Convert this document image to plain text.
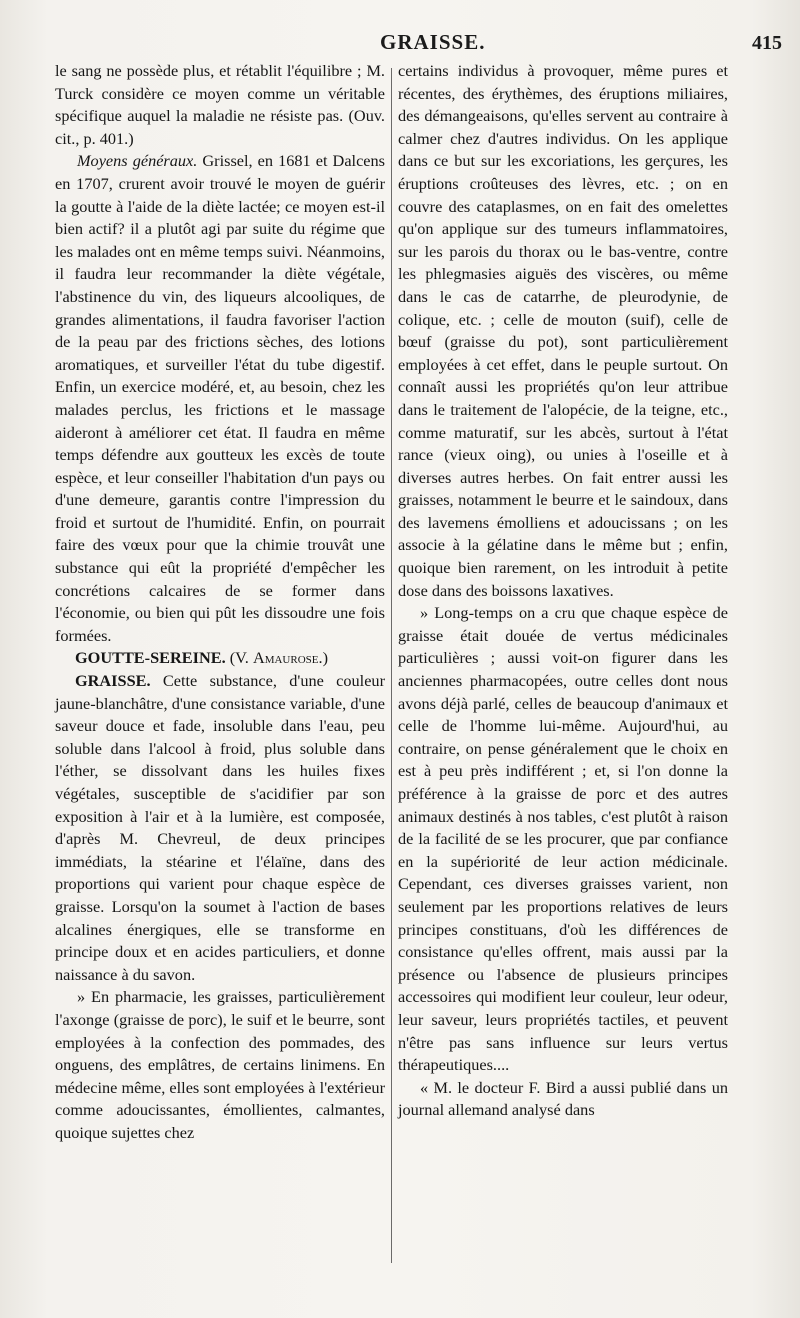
GRAISSE.	415

le sang ne possède plus, et rétablit l'équilibre ; M. Turck considère ce moyen comme un véritable spécifique auquel la maladie ne résiste pas. (Ouv. cit., p. 401.)

Moyens généraux. Grissel, en 1681 et Dalcens en 1707, crurent avoir trouvé le moyen de guérir la goutte à l'aide de la diète lactée; ce moyen est-il bien actif? il a plutôt agi par suite du régime que les malades ont en même temps suivi. Néanmoins, il faudra leur recommander la diète végétale, l'abstinence du vin, des liqueurs alcooliques, de grandes alimentations, il faudra favoriser l'action de la peau par des frictions sèches, des lotions aromatiques, et surveiller l'état du tube digestif. Enfin, un exercice modéré, et, au besoin, chez les malades perclus, les frictions et le massage aideront à améliorer cet état. Il faudra en même temps défendre aux goutteux les excès de toute espèce, et leur conseiller l'habitation d'un pays ou d'une demeure, garantis contre l'impression du froid et surtout de l'humidité. Enfin, on pourrait faire des vœux pour que la chimie trouvât une substance qui eût la propriété d'empêcher les concrétions calcaires de se former dans l'économie, ou bien qui pût les dissoudre une fois formées.

GOUTTE-SEREINE. (V. Amaurose.)

GRAISSE. Cette substance, d'une couleur jaune-blanchâtre, d'une consistance variable, d'une saveur douce et fade, insoluble dans l'eau, peu soluble dans l'alcool à froid, plus soluble dans l'éther, se dissolvant dans les huiles fixes végétales, susceptible de s'acidifier par son exposition à l'air et à la lumière, est composée, d'après M. Chevreul, de deux principes immédiats, la stéarine et l'élaïne, dans des proportions qui varient pour chaque espèce de graisse. Lorsqu'on la soumet à l'action de bases alcalines énergiques, elle se transforme en principe doux et en acides particuliers, et donne naissance à du savon.

» En pharmacie, les graisses, particulièrement l'axonge (graisse de porc), le suif et le beurre, sont employées à la confection des pommades, des onguens, des emplâtres, de certains linimens. En médecine même, elles sont employées à l'extérieur comme adoucissantes, émollientes, calmantes, quoique sujettes chez

certains individus à provoquer, même pures et récentes, des érythèmes, des éruptions miliaires, des démangeaisons, qu'elles servent au contraire à calmer chez d'autres individus. On les applique dans ce but sur les excoriations, les gerçures, les éruptions croûteuses des lèvres, etc. ; on en couvre des cataplasmes, on en fait des omelettes qu'on applique sur des tumeurs inflammatoires, sur les parois du thorax ou le bas-ventre, contre les phlegmasies aiguës des viscères, ou même dans le cas de catarrhe, de pleurodynie, de colique, etc. ; celle de mouton (suif), celle de bœuf (graisse du pot), sont particulièrement employées à cet effet, dans le peuple surtout. On connaît aussi les propriétés qu'on leur attribue dans le traitement de l'alopécie, de la teigne, etc., comme maturatif, sur les abcès, surtout à l'état rance (vieux oing), ou unies à l'oseille et à diverses autres herbes. On fait entrer aussi les graisses, notamment le beurre et le saindoux, dans des lavemens émolliens et adoucissans ; on les associe à la gélatine dans le même but ; enfin, quoique bien rarement, on les introduit à petite dose dans des boissons laxatives.

» Long-temps on a cru que chaque espèce de graisse était douée de vertus médicinales particulières ; aussi voit-on figurer dans les anciennes pharmacopées, outre celles dont nous avons déjà parlé, celles de beaucoup d'animaux et celle de l'homme lui-même. Aujourd'hui, au contraire, on pense généralement que le choix en est à peu près indifférent ; et, si l'on donne la préférence à la graisse de porc et des autres animaux destinés à nos tables, c'est plutôt à raison de la facilité de se les procurer, que par confiance en la supériorité de leur action médicinale. Cependant, ces diverses graisses varient, non seulement par les proportions relatives de leurs principes constituans, d'où les différences de consistance qu'elles offrent, mais aussi par la présence ou l'absence de plusieurs principes accessoires qui modifient leur couleur, leur odeur, leur saveur, leurs propriétés tactiles, et peuvent n'être pas sans influence sur leurs vertus thérapeutiques....

« M. le docteur F. Bird a aussi publié dans un journal allemand analysé dans
